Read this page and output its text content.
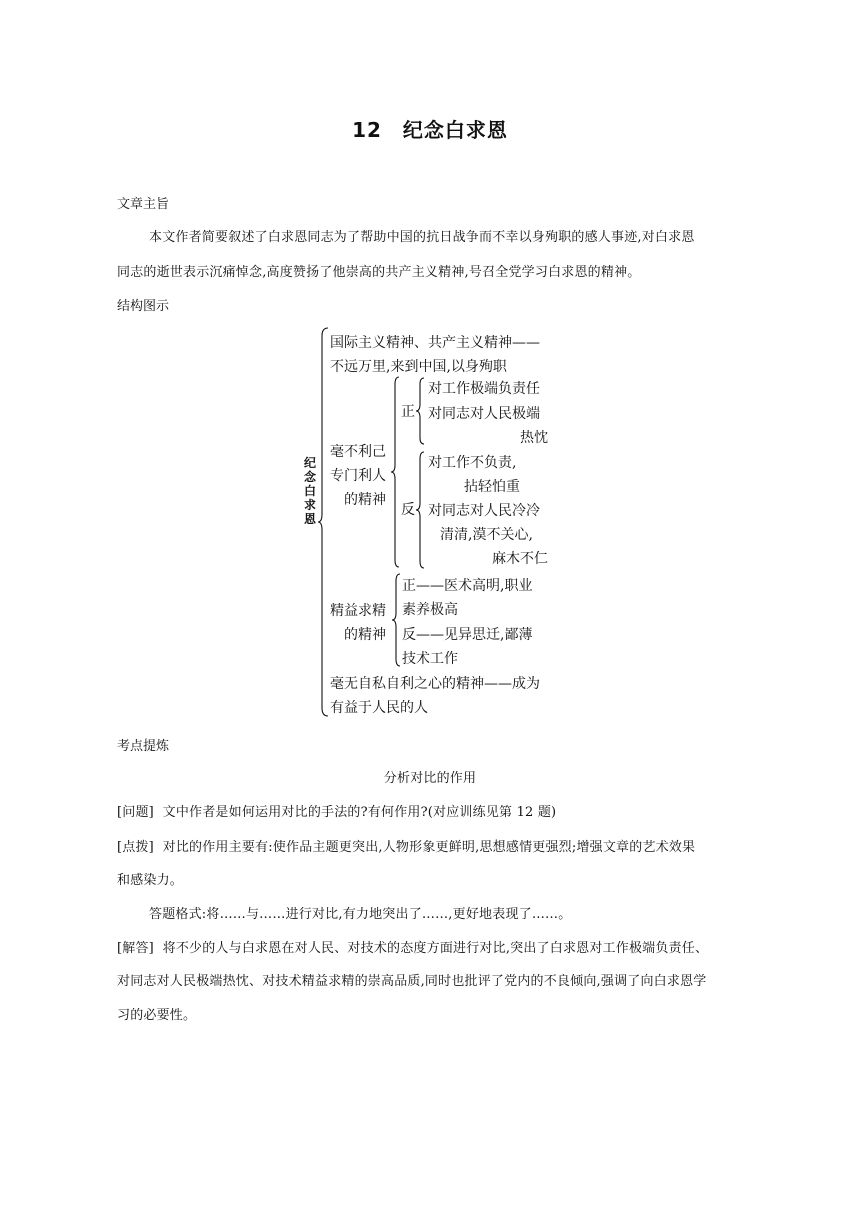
12　纪念白求恩
文章主旨
本文作者简要叙述了白求恩同志为了帮助中国的抗日战争而不幸以身殉职的感人事迹,对白求恩
同志的逝世表示沉痛悼念,高度赞扬了他崇高的共产主义精神,号召全党学习白求恩的精神。
结构图示
纪念白求恩
国际主义精神、共产主义精神——
不远万里,来到中国,以身殉职
毫不利己
专门利人
的精神
正
对工作极端负责任
对同志对人民极端
热忱
反
对工作不负责,
拈轻怕重
对同志对人民冷冷
清清,漠不关心,
麻木不仁
精益求精
的精神
正——医术高明,职业
素养极高
反——见异思迁,鄙薄
技术工作
毫无自私自利之心的精神——成为
有益于人民的人
考点提炼
分析对比的作用
[问题] 文中作者是如何运用对比的手法的?有何作用?(对应训练见第 12 题)
[点拨] 对比的作用主要有:使作品主题更突出,人物形象更鲜明,思想感情更强烈;增强文章的艺术效果
和感染力。
答题格式:将……与……进行对比,有力地突出了……,更好地表现了……。
[解答] 将不少的人与白求恩在对人民、对技术的态度方面进行对比,突出了白求恩对工作极端负责任、
对同志对人民极端热忱、对技术精益求精的崇高品质,同时也批评了党内的不良倾向,强调了向白求恩学
习的必要性。
